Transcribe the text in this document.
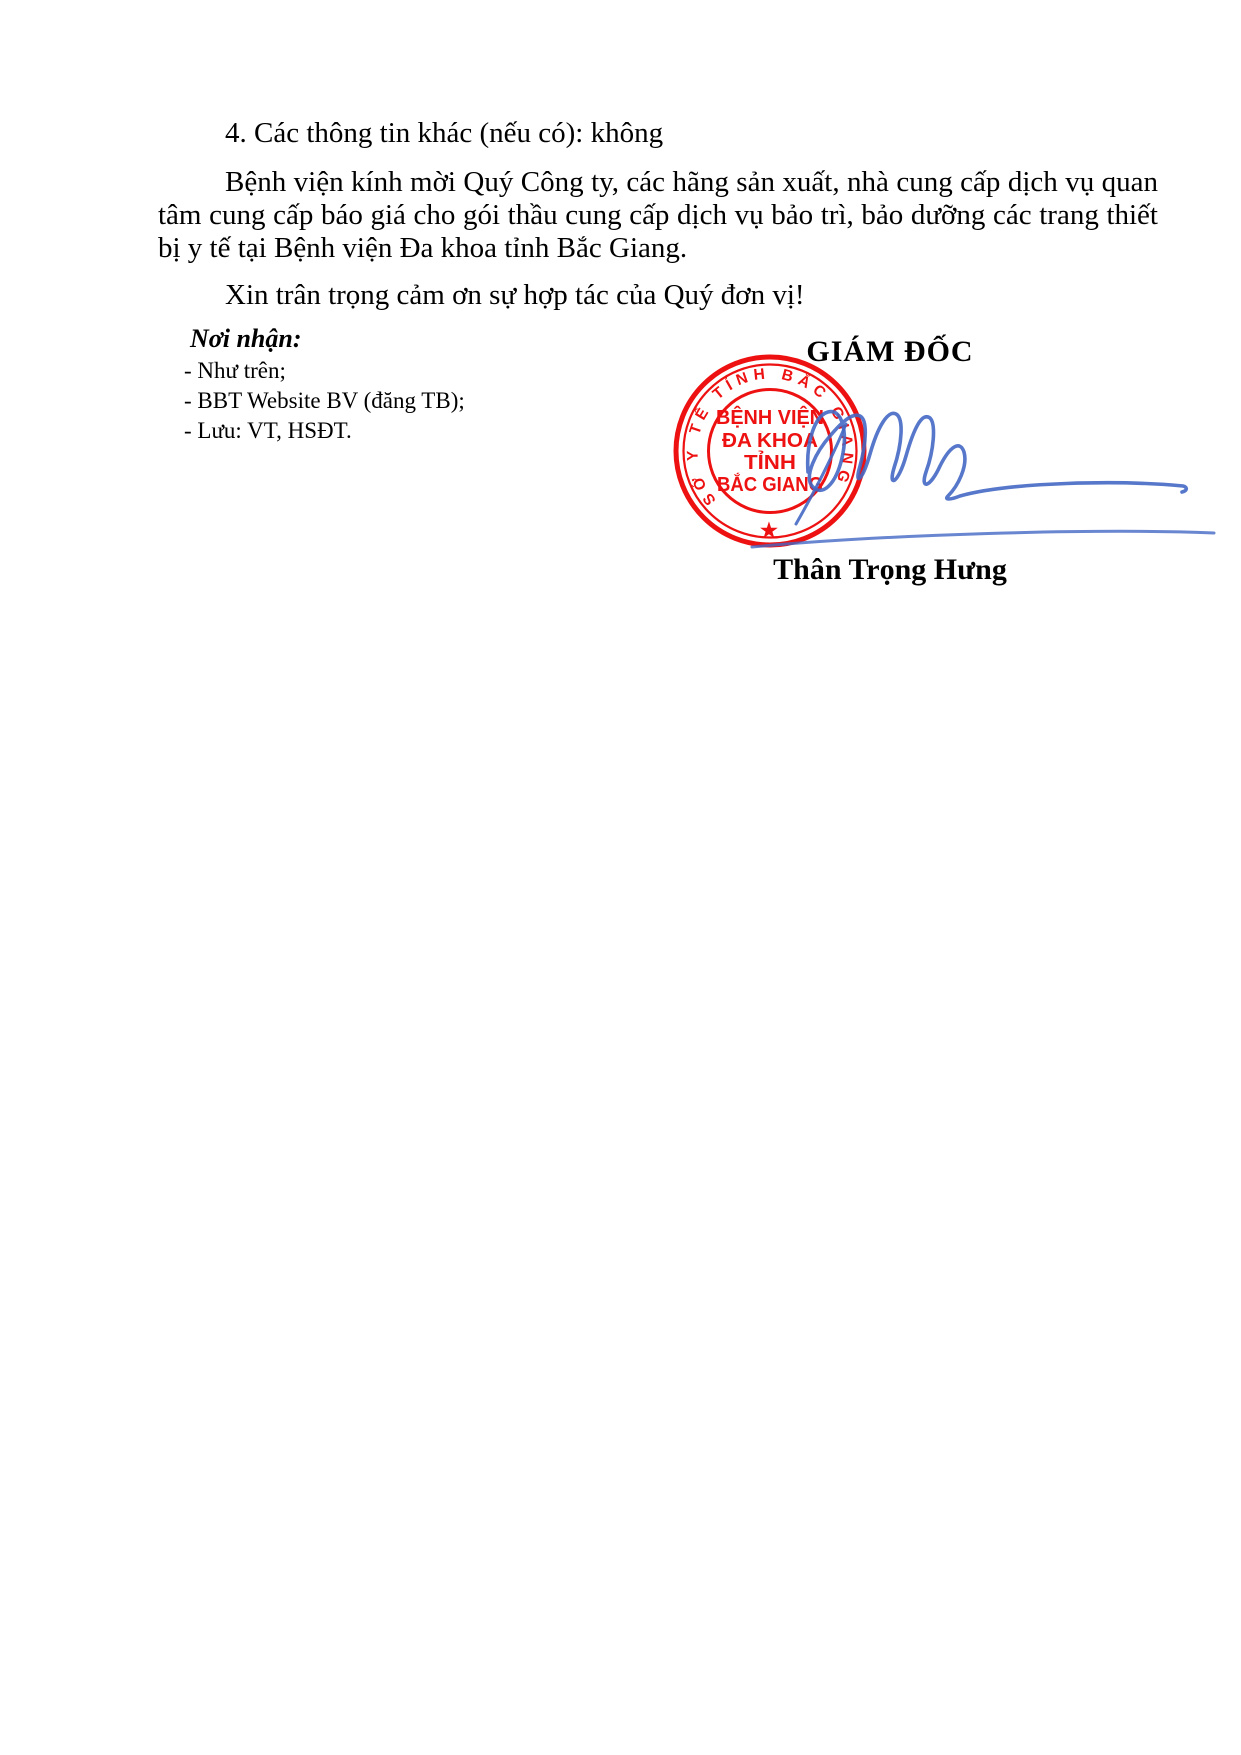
4. Các thông tin khác (nếu có): không
Bệnh viện kính mời Quý Công ty, các hãng sản xuất, nhà cung cấp dịch vụ quan tâm cung cấp báo giá cho gói thầu cung cấp dịch vụ bảo trì, bảo dưỡng các trang thiết bị y tế tại Bệnh viện Đa khoa tỉnh Bắc Giang.
Xin trân trọng cảm ơn sự hợp tác của Quý đơn vị!
Nơi nhận:
- Như trên;
- BBT Website BV (đăng TB);
- Lưu: VT, HSĐT.
GIÁM ĐỐC
SỞ Y TẾ TỈNH BẮC GIANG
BỆNH VIỆN
ĐA KHOA
TỈNH
BẮC GIANG
★
Thân Trọng Hưng
